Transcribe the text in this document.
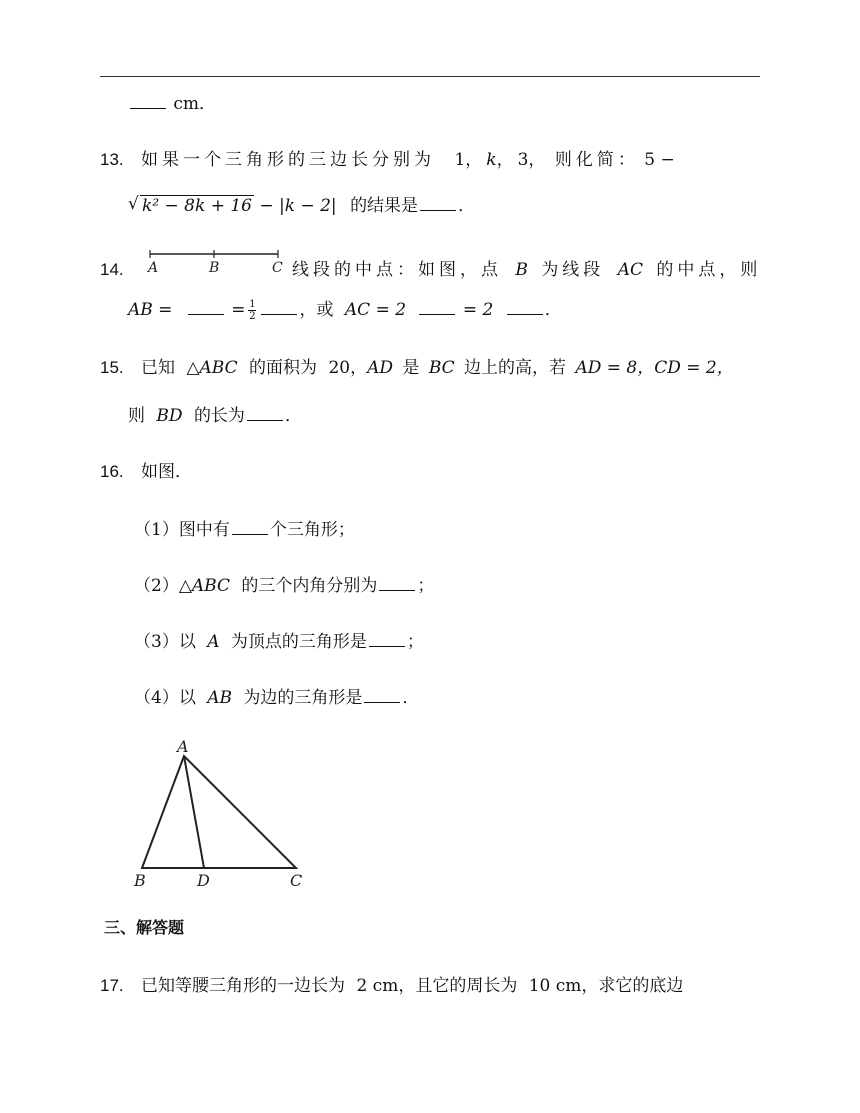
cm．
13. 如果一个三角形的三边长分别为 1，k，3， 则化简： 5 −
√ k² − 8k + 16 − |k − 2| 的结果是 ．
14. A	B	C 线段的中点：如图，点 B 为线段 AC 的中点，则
AB =	= $\frac{1}{2}$	，或 AC = 2	= 2	．
15. 已知 △ABC 的面积为 20，AD 是 BC 边上的高，若 AD = 8，CD = 2，
则 BD 的长为 ．
16. 如图．
（1）图中有 个三角形；
（2）△ABC 的三个内角分别为 ；
（3）以 A 为顶点的三角形是 ；
（4）以 AB 为边的三角形是 ．
A
B	D	C
三、解答题
17. 已知等腰三角形的一边长为 2 cm，且它的周长为 10 cm，求它的底边
